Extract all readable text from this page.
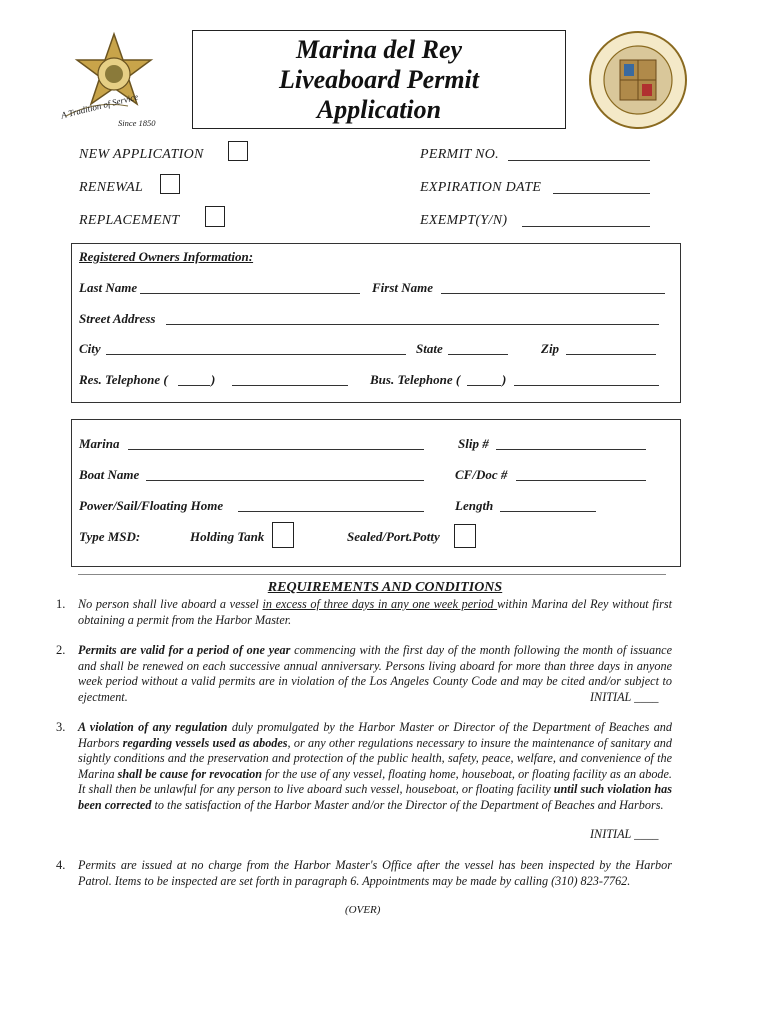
A Tradition of Service
Since 1850
Marina del Rey
Liveaboard Permit
Application
NEW APPLICATION
RENEWAL
REPLACEMENT
PERMIT NO.
EXPIRATION DATE
EXEMPT(Y/N)
Registered Owners Information:
Last Name	First Name
Street Address
City	State	Zip
Res. Telephone (	)	Bus. Telephone (	)
Marina	Slip #
Boat Name	CF/Doc #
Power/Sail/Floating Home	Length
Type MSD:	Holding Tank	Sealed/Port.Potty
REQUIREMENTS AND CONDITIONS
1. No person shall live aboard a vessel in excess of three days in any one week period within Marina del Rey without first obtaining a permit from the Harbor Master.
2. Permits are valid for a period of one year commencing with the first day of the month following the month of issuance and shall be renewed on each successive annual anniversary. Persons living aboard for more than three days in anyone week period without a valid permits are in violation of the Los Angeles County Code and may be cited and/or subject to ejectment.	INITIAL ____
3. A violation of any regulation duly promulgated by the Harbor Master or Director of the Department of Beaches and Harbors regarding vessels used as abodes, or any other regulations necessary to insure the maintenance of sanitary and sightly conditions and the preservation and protection of the public health, safety, peace, welfare, and convenience of the Marina shall be cause for revocation for the use of any vessel, floating home, houseboat, or floating facility as an abode. It shall then be unlawful for any person to live aboard such vessel, houseboat, or floating facility until such violation has been corrected to the satisfaction of the Harbor Master and/or the Director of the Department of Beaches and Harbors.
INITIAL ____
4. Permits are issued at no charge from the Harbor Master's Office after the vessel has been inspected by the Harbor Patrol. Items to be inspected are set forth in paragraph 6. Appointments may be made by calling (310) 823-7762.
(OVER)
